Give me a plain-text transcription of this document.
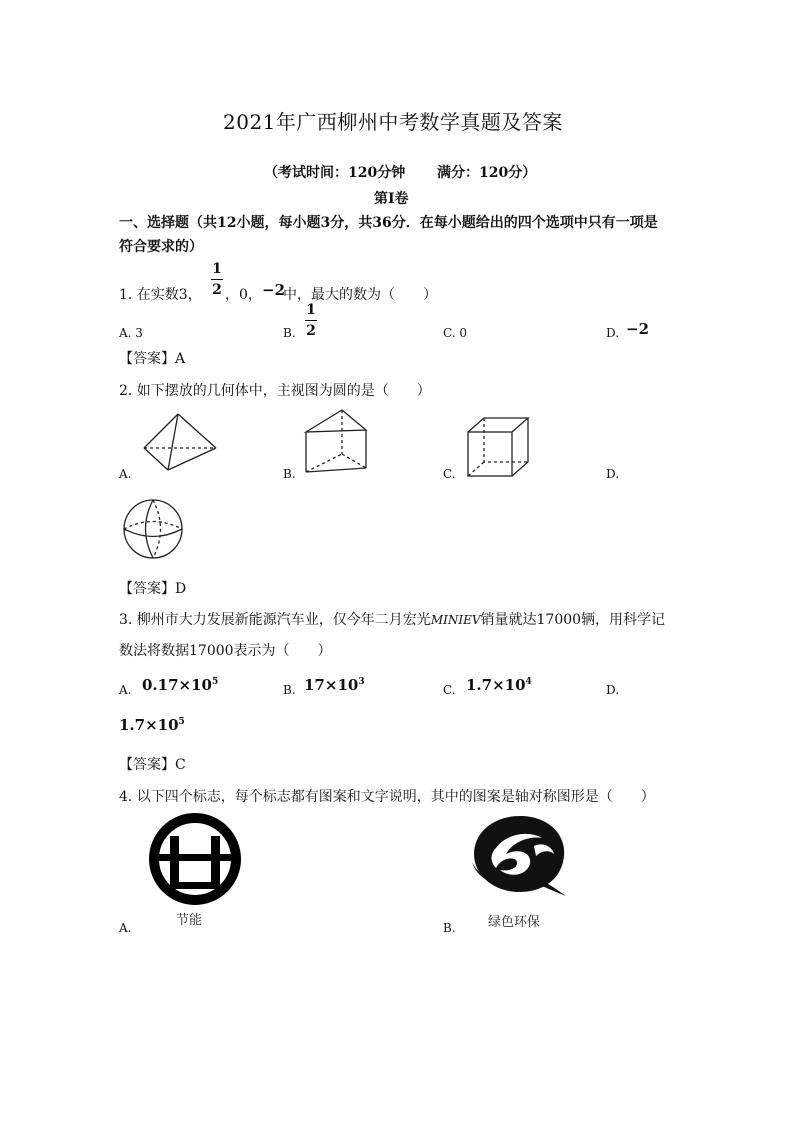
2021年广西柳州中考数学真题及答案
（考试时间：120分钟 满分：120分）
第Ⅰ卷
一、选择题（共12小题，每小题3分，共36分．在每小题给出的四个选项中只有一项是
符合要求的）
1. 在实数3，
1
2 ，0， −2
中，最大的数为（　　）
A. 3	B.
1
2	C. 0	D. −2
【答案】A
2. 如下摆放的几何体中，主视图为圆的是（　　）
A.	B.	C.	D.
【答案】D
3. 柳州市大力发展新能源汽车业，仅今年二月宏光MINIEV销量就达17000辆，用科学记
数法将数据17000表示为（　　）
A. $0.17\times 10^5$
B. $17\times 10^3$
C. $1.7\times 10^4$
D.
$1.7\times 10^5$
【答案】C
4. 以下四个标志，每个标志都有图案和文字说明，其中的图案是轴对称图形是（　　）
节能
A.	绿色环保
B.
